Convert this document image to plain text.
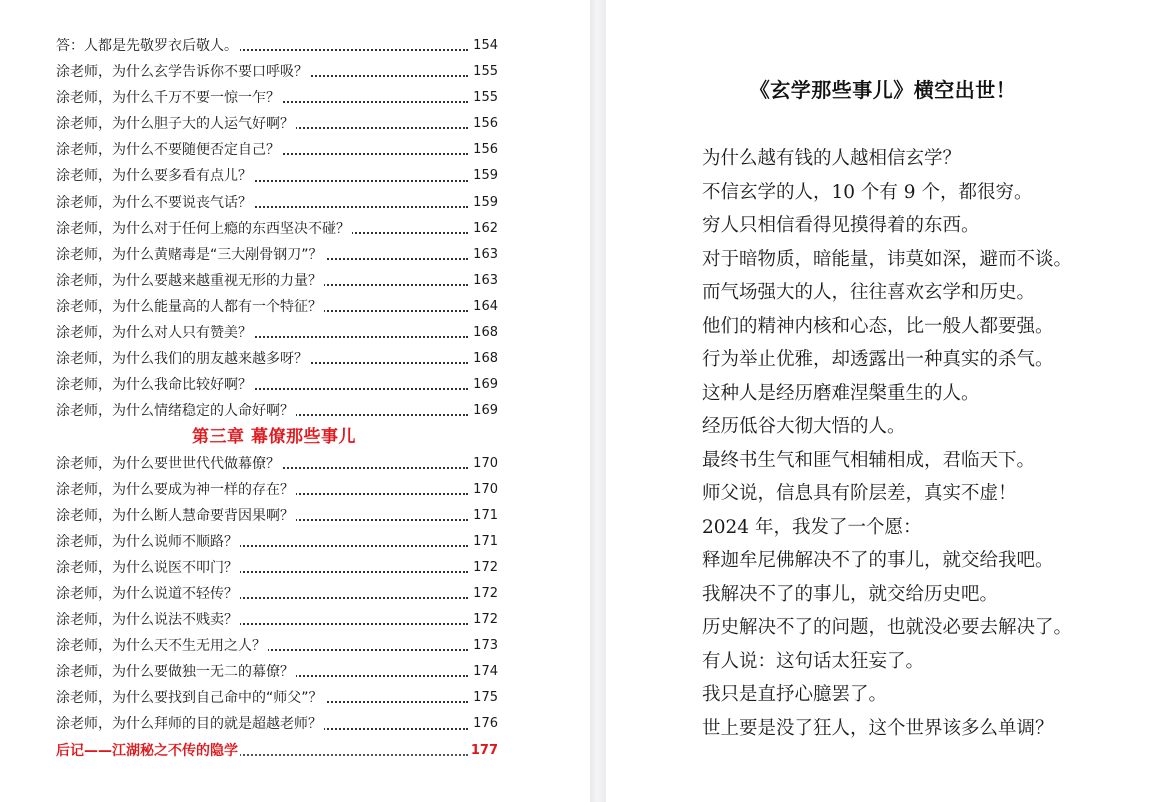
答：人都是先敬罗衣后敬人。	154
涂老师，为什么玄学告诉你不要口呼吸？	155
涂老师，为什么千万不要一惊一乍？	155
涂老师，为什么胆子大的人运气好啊？	156
涂老师，为什么不要随便否定自己？	156
涂老师，为什么要多看有点儿？	159
涂老师，为什么不要说丧气话？	159
涂老师，为什么对于任何上瘾的东西坚决不碰？	162
涂老师，为什么黄赌毒是“三大剐骨钢刀”？	163
涂老师，为什么要越来越重视无形的力量？	163
涂老师，为什么能量高的人都有一个特征？	164
涂老师，为什么对人只有赞美？	168
涂老师，为什么我们的朋友越来越多呀？	168
涂老师，为什么我命比较好啊？	169
涂老师，为什么情绪稳定的人命好啊？	169
第三章 幕僚那些事儿
涂老师，为什么要世世代代做幕僚？	170
涂老师，为什么要成为神一样的存在？	170
涂老师，为什么断人慧命要背因果啊？	171
涂老师，为什么说师不顺路？	171
涂老师，为什么说医不叩门？	172
涂老师，为什么说道不轻传？	172
涂老师，为什么说法不贱卖？	172
涂老师，为什么天不生无用之人？	173
涂老师，为什么要做独一无二的幕僚？	174
涂老师，为什么要找到自己命中的“师父”？	175
涂老师，为什么拜师的目的就是超越老师？	176
后记——江湖秘之不传的隐学	177
《玄学那些事儿》横空出世！
为什么越有钱的人越相信玄学？
不信玄学的人，10 个有 9 个，都很穷。
穷人只相信看得见摸得着的东西。
对于暗物质，暗能量，讳莫如深，避而不谈。
而气场强大的人，往往喜欢玄学和历史。
他们的精神内核和心态，比一般人都要强。
行为举止优雅，却透露出一种真实的杀气。
这种人是经历磨难涅槃重生的人。
经历低谷大彻大悟的人。
最终书生气和匪气相辅相成，君临天下。
师父说，信息具有阶层差，真实不虚！
2024 年，我发了一个愿：
释迦牟尼佛解决不了的事儿，就交给我吧。
我解决不了的事儿，就交给历史吧。
历史解决不了的问题，也就没必要去解决了。
有人说：这句话太狂妄了。
我只是直抒心臆罢了。
世上要是没了狂人，这个世界该多么单调？
